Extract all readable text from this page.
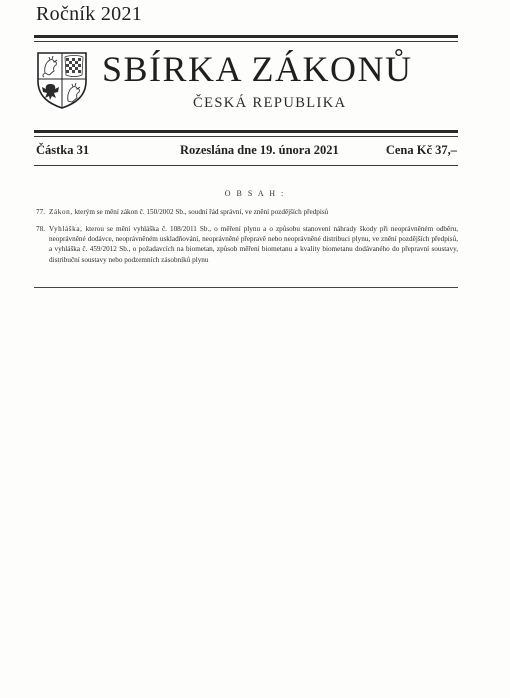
Ročník 2021
SBÍRKA ZÁKONŮ
ČESKÁ REPUBLIKA
Částka 31	Rozeslána dne 19. února 2021	Cena Kč 37,–
O B S A H :
77. Zákon, kterým se mění zákon č. 150/2002 Sb., soudní řád správní, ve znění pozdějších předpisů
78. Vyhláška, kterou se mění vyhláška č. 108/2011 Sb., o měření plynu a o způsobu stanovení náhrady škody při neoprávněném odběru, neoprávněné dodávce, neoprávněném uskladňování, neoprávněné přepravě nebo neoprávněné distribuci plynu, ve znění pozdějších předpisů, a vyhláška č. 459/2012 Sb., o požadavcích na biometan, způsob měření biometanu a kvality biometanu dodávaného do přepravní soustavy, distribuční soustavy nebo podzemních zásobníků plynu
